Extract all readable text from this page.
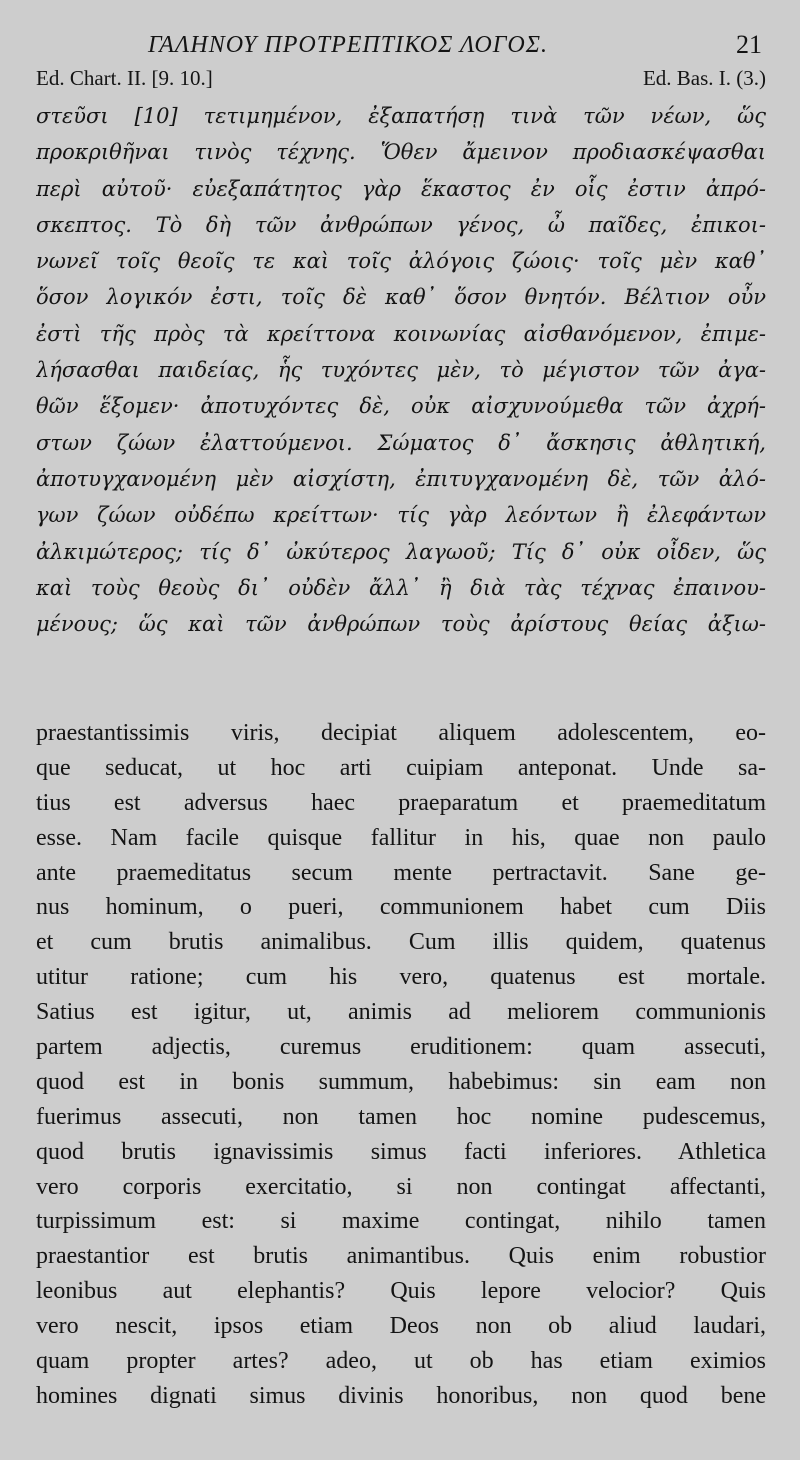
ΓΑΛΗΝΟΥ ΠΡΟΤΡΕΠΤΙΚΟΣ ΛΟΓΟΣ.	21
Ed. Chart. II. [9. 10.]	Ed. Bas. I. (3.)
στεῦσι [10] τετιμημένον, ἐξαπατήσῃ τινὰ τῶν νέων, ὥς
προκριθῆναι τινὸς τέχνης. Ὅθεν ἄμεινον προδιασκέψασθαι
περὶ αὐτοῦ· εὐεξαπάτητος γὰρ ἕκαστος ἐν οἷς ἐστιν ἀπρό-
σκεπτος. Τὸ δὴ τῶν ἀνθρώπων γένος, ὦ παῖδες, ἐπικοι-
νωνεῖ τοῖς θεοῖς τε καὶ τοῖς ἀλόγοις ζώοις· τοῖς μὲν καθ᾽
ὅσον λογικόν ἐστι, τοῖς δὲ καθ᾽ ὅσον θνητόν. Βέλτιον οὖν
ἐστὶ τῆς πρὸς τὰ κρείττονα κοινωνίας αἰσθανόμενον, ἐπιμε-
λήσασθαι παιδείας, ἧς τυχόντες μὲν, τὸ μέγιστον τῶν ἀγα-
θῶν ἕξομεν· ἀποτυχόντες δὲ, οὐκ αἰσχυνούμεθα τῶν ἀχρή-
στων ζώων ἐλαττούμενοι. Σώματος δ᾽ ἄσκησις ἀθλητική,
ἀποτυγχανομένη μὲν αἰσχίστη, ἐπιτυγχανομένη δὲ, τῶν ἀλό-
γων ζώων οὐδέπω κρείττων· τίς γὰρ λεόντων ἢ ἐλεφάντων
ἀλκιμώτερος; τίς δ᾽ ὠκύτερος λαγωοῦ; Τίς δ᾽ οὐκ οἶδεν, ὥς
καὶ τοὺς θεοὺς δι᾽ οὐδὲν ἄλλ᾽ ἢ διὰ τὰς τέχνας ἐπαινου-
μένους; ὥς καὶ τῶν ἀνθρώπων τοὺς ἀρίστους θείας ἀξιω-
praestantissimis viris, decipiat aliquem adolescentem, eo-
que seducat, ut hoc arti cuipiam anteponat. Unde sa-
tius est adversus haec praeparatum et praemeditatum
esse. Nam facile quisque fallitur in his, quae non paulo
ante praemeditatus secum mente pertractavit. Sane ge-
nus hominum, o pueri, communionem habet cum Diis
et cum brutis animalibus. Cum illis quidem, quatenus
utitur ratione; cum his vero, quatenus est mortale.
Satius est igitur, ut, animis ad meliorem communionis
partem adjectis, curemus eruditionem: quam assecuti,
quod est in bonis summum, habebimus: sin eam non
fuerimus assecuti, non tamen hoc nomine pudescemus,
quod brutis ignavissimis simus facti inferiores. Athletica
vero corporis exercitatio, si non contingat affectanti,
turpissimum est: si maxime contingat, nihilo tamen
praestantior est brutis animantibus. Quis enim robustior
leonibus aut elephantis? Quis lepore velocior? Quis
vero nescit, ipsos etiam Deos non ob aliud laudari,
quam propter artes? adeo, ut ob has etiam eximios
homines dignati simus divinis honoribus, non quod bene
